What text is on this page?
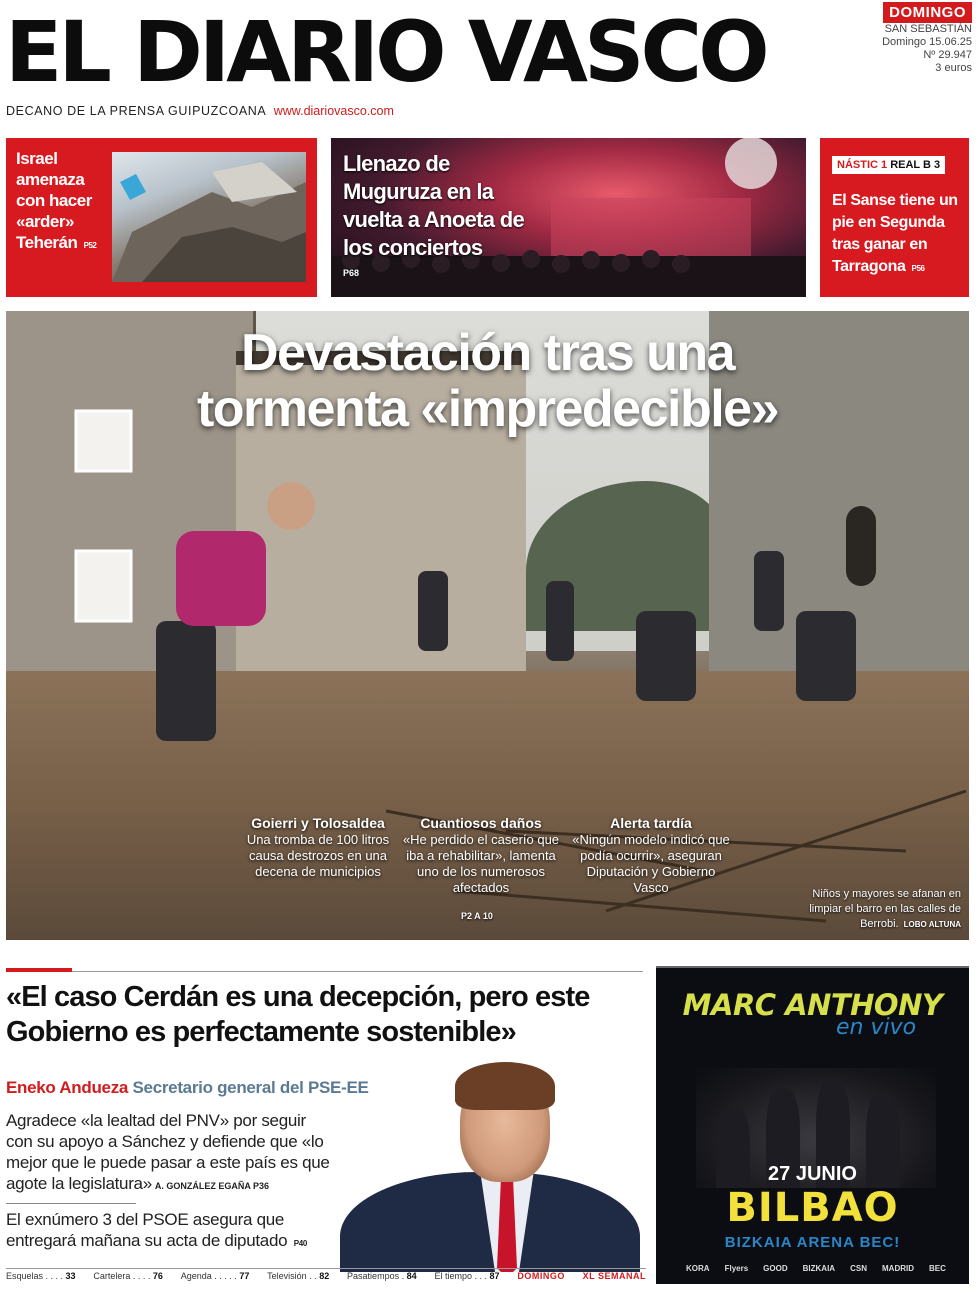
EL DIARIO VASCO
DECANO DE LA PRENSA GUIPUZCOANA www.diariovasco.com
DOMINGO
SAN SEBASTIÁN
Domingo 15.06.25
Nº 29.947
3 euros
Israel amenaza con hacer «arder» Teherán P52
Llenazo de Muguruza en la vuelta a Anoeta de los conciertos
P68
NÁSTIC 1 REAL B 3
El Sanse tiene un pie en Segunda tras ganar en Tarragona P56
Devastación tras una
tormenta «impredecible»
Goierri y Tolosaldea
Una tromba de 100 litros causa destrozos en una decena de municipios
Cuantiosos daños
«He perdido el caserío que iba a rehabilitar», lamenta uno de los numerosos afectados
Alerta tardía
«Ningún modelo indicó que podía ocurrir», aseguran Diputación y Gobierno Vasco
P2 A 10
Niños y mayores se afanan en limpiar el barro en las calles de Berrobi. LOBO ALTUNA
«El caso Cerdán es una decepción, pero este Gobierno es perfectamente sostenible»
Eneko Andueza Secretario general del PSE-EE

Agradece «la lealtad del PNV» por seguir con su apoyo a Sánchez y defiende que «lo mejor que le puede pasar a este país es que agote la legislatura» A. GONZÁLEZ EGAÑA P36

El exnúmero 3 del PSOE asegura que entregará mañana su acta de diputado P40

MARC ANTHONY
en vivo
27 JUNIO
BILBAO
BIZKAIA ARENA BEC!
KORA Flyers GOOD BIZKAIA CSN MADRID BEC
Esquelas . . . . 33 Cartelera . . . . 76 Agenda . . . . . 77 Televisión . . 82 Pasatiempos . 84 El tiempo . . . 87 DOMINGO XL SEMANAL
